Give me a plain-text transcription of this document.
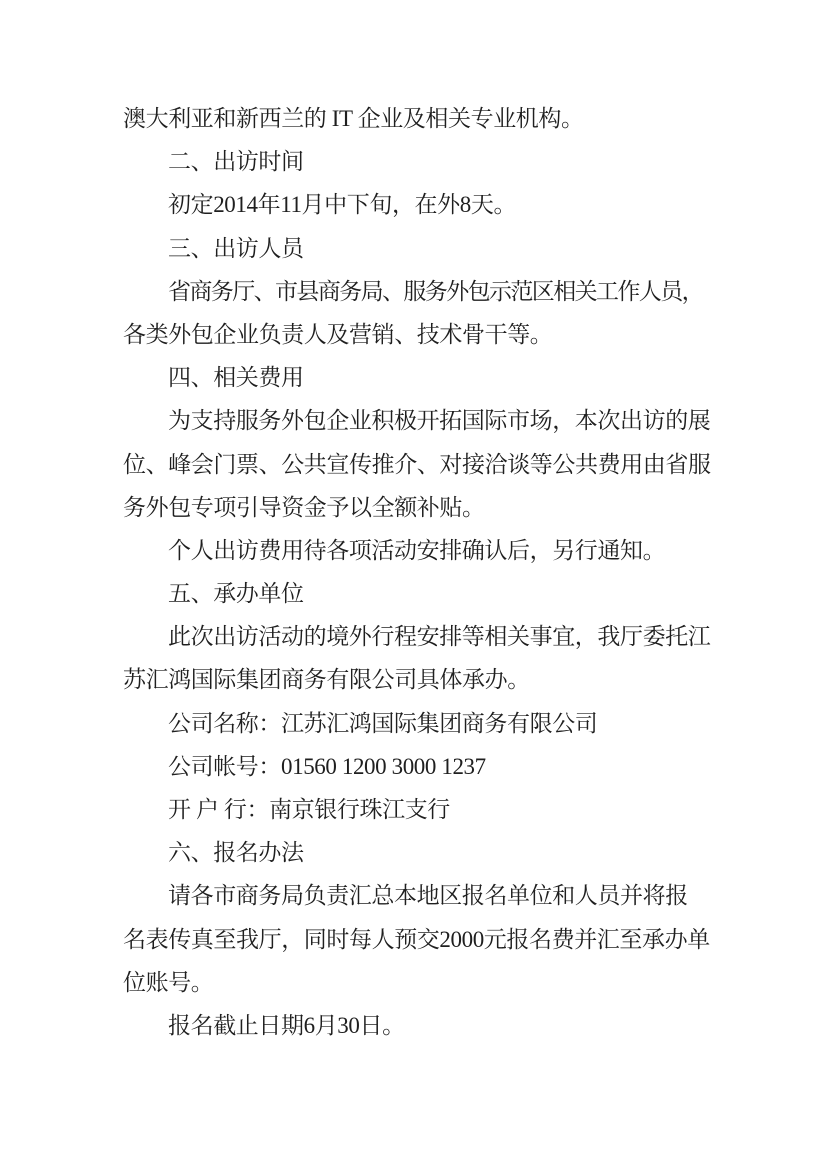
澳大利亚和新西兰的 IT 企业及相关专业机构。
二、出访时间
初定2014年11月中下旬，在外8天。
三、出访人员
省商务厅、市县商务局、服务外包示范区相关工作人员，
各类外包企业负责人及营销、技术骨干等。
四、相关费用
为支持服务外包企业积极开拓国际市场，本次出访的展
位、峰会门票、公共宣传推介、对接洽谈等公共费用由省服
务外包专项引导资金予以全额补贴。
个人出访费用待各项活动安排确认后，另行通知。
五、承办单位
此次出访活动的境外行程安排等相关事宜，我厅委托江
苏汇鸿国际集团商务有限公司具体承办。
公司名称：江苏汇鸿国际集团商务有限公司
公司帐号：01560 1200 3000 1237
开 户 行：南京银行珠江支行
六、报名办法
请各市商务局负责汇总本地区报名单位和人员并将报
名表传真至我厅，同时每人预交2000元报名费并汇至承办单
位账号。
报名截止日期6月30日。
